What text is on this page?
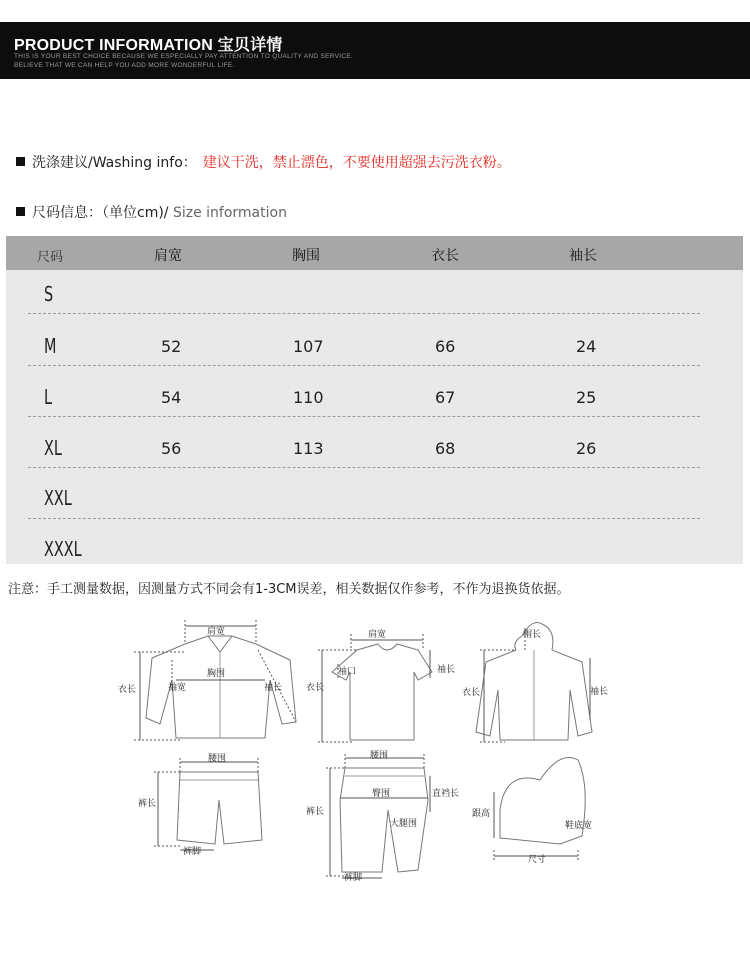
PRODUCT INFORMATION 宝贝详情
THIS IS YOUR BEST CHOICE BECAUSE WE ESPECIALLY PAY ATTENTION TO QUALITY AND SERVICE.
BELIEVE THAT WE CAN HELP YOU ADD MORE WONDERFUL LIFE.
洗涤建议/Washing info： 建议干洗，禁止漂色，不要使用超强去污洗衣粉。
尺码信息：（单位cm)/ Size information
尺码	肩宽	胸围	衣长	袖长
S
M	52	107	66	24
L	54	110	67	25
XL	56	113	68	26
XXL
XXXL
注意：手工测量数据，因测量方式不同会有1-3CM误差，相关数据仅作参考，不作为退换货依据。
肩宽
胸围
衣长	袖宽	袖长
肩宽
袖口
衣长
袖长
帽长
衣长	袖长
腰围
裤长
裤脚
腰围
臀围	直裆长
裤长
大腿围
裤脚
跟高
鞋底宽
尺寸
